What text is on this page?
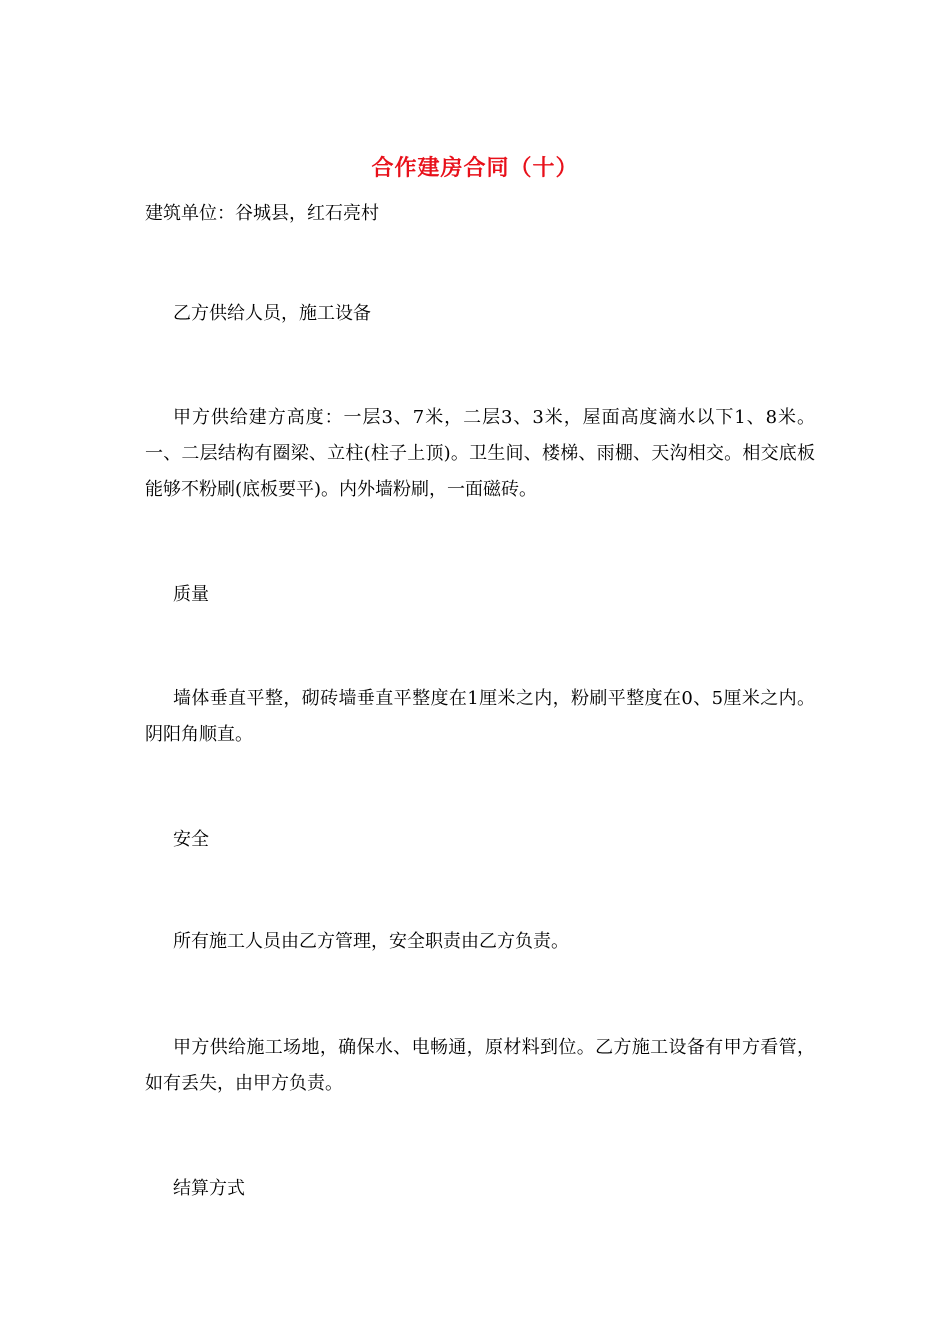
合作建房合同（十）
建筑单位：谷城县，红石亮村
乙方供给人员，施工设备
甲方供给建方高度：一层3、7米，二层3、3米，屋面高度滴水以下1、8米。一、二层结构有圈梁、立柱(柱子上顶)。卫生间、楼梯、雨棚、天沟相交。相交底板能够不粉刷(底板要平)。内外墙粉刷，一面磁砖。
质量
墙体垂直平整，砌砖墙垂直平整度在1厘米之内，粉刷平整度在0、5厘米之内。阴阳角顺直。
安全
所有施工人员由乙方管理，安全职责由乙方负责。
甲方供给施工场地，确保水、电畅通，原材料到位。乙方施工设备有甲方看管，如有丢失，由甲方负责。
结算方式
